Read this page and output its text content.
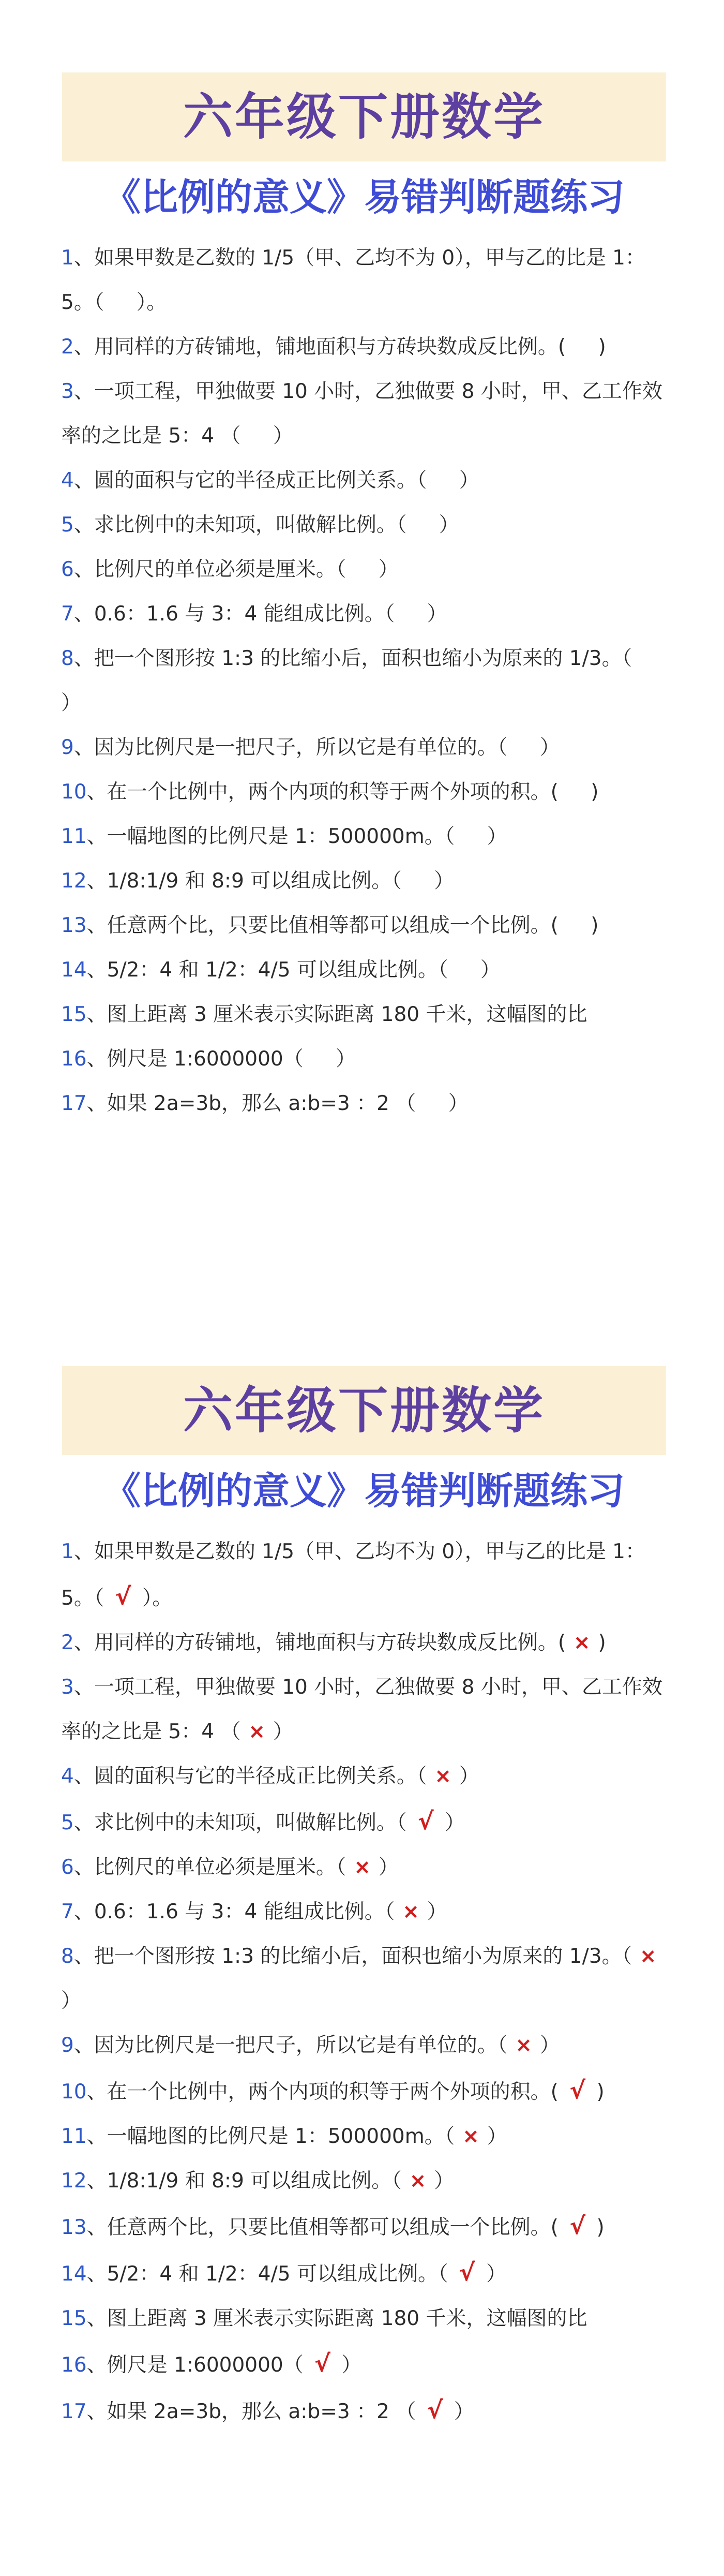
六年级下册数学
《比例的意义》易错判断题练习
1、如果甲数是乙数的 1/5（甲、乙均不为 0），甲与乙的比是 1：5。（ ）。
2、用同样的方砖铺地，铺地面积与方砖块数成反比例。( )
3、一项工程，甲独做要 10 小时，乙独做要 8 小时，甲、乙工作效率的之比是 5：4 （ ）
4、圆的面积与它的半径成正比例关系。（ ）
5、求比例中的未知项，叫做解比例。（ ）
6、比例尺的单位必须是厘米。（ ）
7、0.6：1.6 与 3：4 能组成比例。（ ）
8、把一个图形按 1:3 的比缩小后，面积也缩小为原来的 1/3。（  ）
9、因为比例尺是一把尺子，所以它是有单位的。（ ）
10、在一个比例中，两个内项的积等于两个外项的积。( )
11、一幅地图的比例尺是 1：500000m。（ ）
12、1/8:1/9 和 8:9 可以组成比例。（ ）
13、任意两个比，只要比值相等都可以组成一个比例。( )
14、5/2：4 和 1/2：4/5 可以组成比例。（ ）
15、图上距离 3 厘米表示实际距离 180 千米，这幅图的比
16、例尺是 1:6000000（ ）
17、如果 2a=3b，那么 a:b=3 ：2 （ ）
六年级下册数学
《比例的意义》易错判断题练习
1、如果甲数是乙数的 1/5（甲、乙均不为 0），甲与乙的比是 1：5。（ √ ）。
2、用同样的方砖铺地，铺地面积与方砖块数成反比例。( × )
3、一项工程，甲独做要 10 小时，乙独做要 8 小时，甲、乙工作效率的之比是 5：4 （ × ）
4、圆的面积与它的半径成正比例关系。（ × ）
5、求比例中的未知项，叫做解比例。（ √ ）
6、比例尺的单位必须是厘米。（ × ）
7、0.6：1.6 与 3：4 能组成比例。（ × ）
8、把一个图形按 1:3 的比缩小后，面积也缩小为原来的 1/3。（ ×）
9、因为比例尺是一把尺子，所以它是有单位的。（ × ）
10、在一个比例中，两个内项的积等于两个外项的积。( √ )
11、一幅地图的比例尺是 1：500000m。（ × ）
12、1/8:1/9 和 8:9 可以组成比例。（ × ）
13、任意两个比，只要比值相等都可以组成一个比例。( √ )
14、5/2：4 和 1/2：4/5 可以组成比例。（ √ ）
15、图上距离 3 厘米表示实际距离 180 千米，这幅图的比
16、例尺是 1:6000000（ √ ）
17、如果 2a=3b，那么 a:b=3 ：2 （ √ ）
